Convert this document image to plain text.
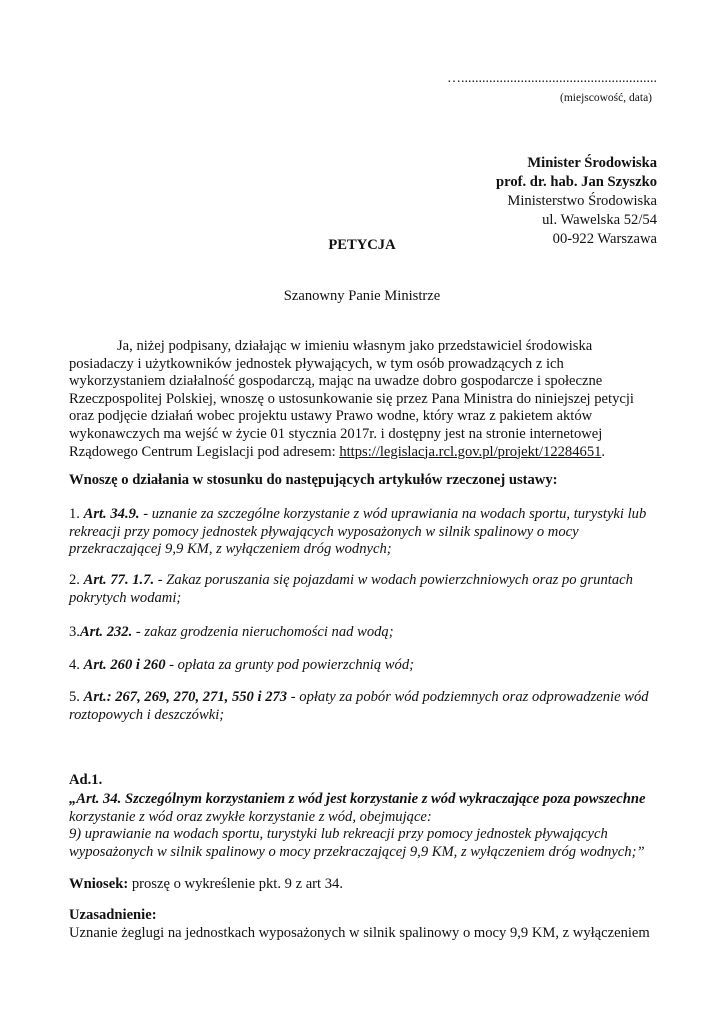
…........................................................
(miejscowość, data)
Minister Środowiska
prof. dr. hab. Jan Szyszko
Ministerstwo Środowiska
ul. Wawelska 52/54
00-922 Warszawa
PETYCJA
Szanowny Panie Ministrze
Ja, niżej podpisany, działając w imieniu własnym jako przedstawiciel środowiska
posiadaczy i użytkowników jednostek pływających, w tym osób prowadzących z ich
wykorzystaniem działalność gospodarczą, mając na uwadze dobro gospodarcze i społeczne
Rzeczpospolitej Polskiej, wnoszę o ustosunkowanie się przez Pana Ministra do niniejszej petycji
oraz podjęcie działań wobec projektu ustawy Prawo wodne, który wraz z pakietem aktów
wykonawczych ma wejść w życie 01 stycznia 2017r. i dostępny jest na stronie internetowej
Rządowego Centrum Legislacji pod adresem: https://legislacja.rcl.gov.pl/projekt/12284651.
Wnoszę o działania w stosunku do następujących artykułów rzeczonej ustawy:
1. Art. 34.9. - uznanie za szczególne korzystanie z wód uprawiania na wodach sportu, turystyki lub
rekreacji przy pomocy jednostek pływających wyposażonych w silnik spalinowy o mocy
przekraczającej 9,9 KM, z wyłączeniem dróg wodnych;
2. Art. 77. 1.7. - Zakaz poruszania się pojazdami w wodach powierzchniowych oraz po gruntach
pokrytych wodami;
3.Art. 232. - zakaz grodzenia nieruchomości nad wodą;
4. Art. 260 i 260 - opłata za grunty pod powierzchnią wód;
5. Art.: 267, 269, 270, 271, 550 i 273 - opłaty za pobór wód podziemnych oraz odprowadzenie wód
roztopowych i deszczówki;
Ad.1.
„Art. 34. Szczególnym korzystaniem z wód jest korzystanie z wód wykraczające poza powszechne
korzystanie z wód oraz zwykłe korzystanie z wód, obejmujące:
9) uprawianie na wodach sportu, turystyki lub rekreacji przy pomocy jednostek pływających
wyposażonych w silnik spalinowy o mocy przekraczającej 9,9 KM, z wyłączeniem dróg wodnych;”
Wniosek: proszę o wykreślenie pkt. 9 z art 34.
Uzasadnienie:
Uznanie żeglugi na jednostkach wyposażonych w silnik spalinowy o mocy 9,9 KM, z wyłączeniem
